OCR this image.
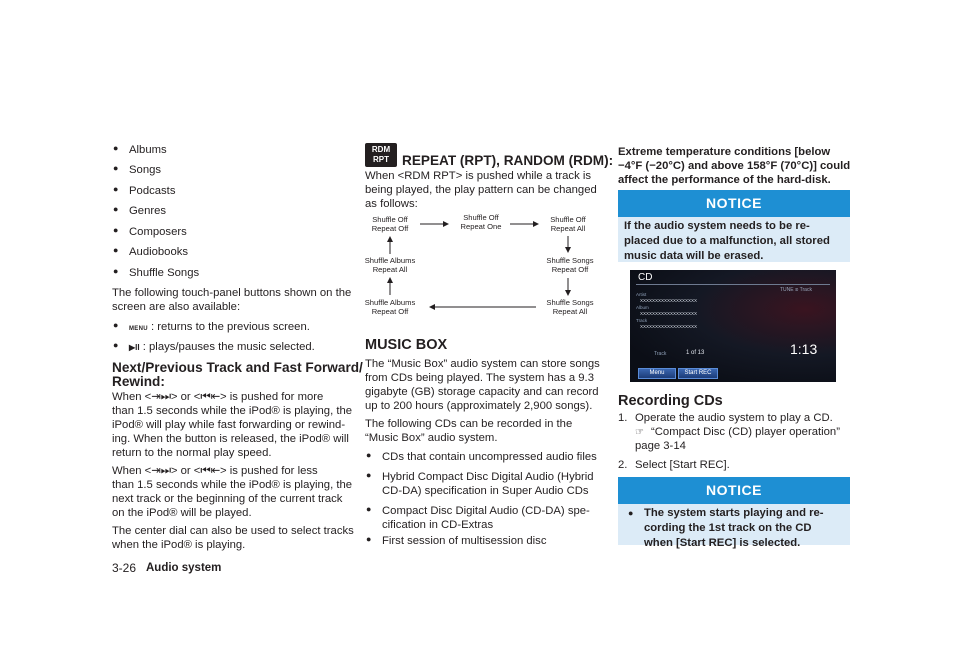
● Albums
● Songs
● Podcasts
● Genres
● Composers
● Audiobooks
● Shuffle Songs
The following touch-panel buttons shown on the
screen are also available:
● MENU : returns to the previous screen.
● ▶II : plays/pauses the music selected.
Next/Previous Track and Fast Forward/
Rewind:
When <⇥⏭> or <⏮⇤> is pushed for more
than 1.5 seconds while the iPod® is playing, the
iPod® will play while fast forwarding or rewind-
ing. When the button is released, the iPod® will
return to the normal play speed.
When <⇥⏭> or <⏮⇤> is pushed for less
than 1.5 seconds while the iPod® is playing, the
next track or the beginning of the current track
on the iPod® will be played.
The center dial can also be used to select tracks
when the iPod® is playing.
3-26 Audio system
RDM
RPT REPEAT (RPT), RANDOM (RDM):
When <RDM RPT> is pushed while a track is
being played, the play pattern can be changed
as follows:
Shuffle Off
Repeat Off
Shuffle Off
Repeat One
Shuffle Off
Repeat All
Shuffle Albums
Repeat All
Shuffle Songs
Repeat Off
Shuffle Albums
Repeat Off
Shuffle Songs
Repeat All
MUSIC BOX
The “Music Box” audio system can store songs
from CDs being played. The system has a 9.3
gigabyte (GB) storage capacity and can record
up to 200 hours (approximately 2,900 songs).
The following CDs can be recorded in the
“Music Box” audio system.
● CDs that contain uncompressed audio files
● Hybrid Compact Disc Digital Audio (Hybrid
CD-DA) specification in Super Audio CDs
● Compact Disc Digital Audio (CD-DA) spe-
cification in CD-Extras
● First session of multisession disc
Extreme temperature conditions [below
−4°F (−20°C) and above 158°F (70°C)] could
affect the performance of the hard-disk.
NOTICE
If the audio system needs to be re-
placed due to a malfunction, all stored
music data will be erased.
CD
TUNE ⦻ Track
Artist
XXXXXXXXXXXXXXXXXXX
Album
XXXXXXXXXXXXXXXXXXX
Track
XXXXXXXXXXXXXXXXXXX
Track	1 of 13	1:13
Menu	Start REC
Recording CDs
1. Operate the audio system to play a CD.
☞ “Compact Disc (CD) player operation”
page 3-14
2. Select [Start REC].
NOTICE
● The system starts playing and re-
cording the 1st track on the CD
when [Start REC] is selected.
